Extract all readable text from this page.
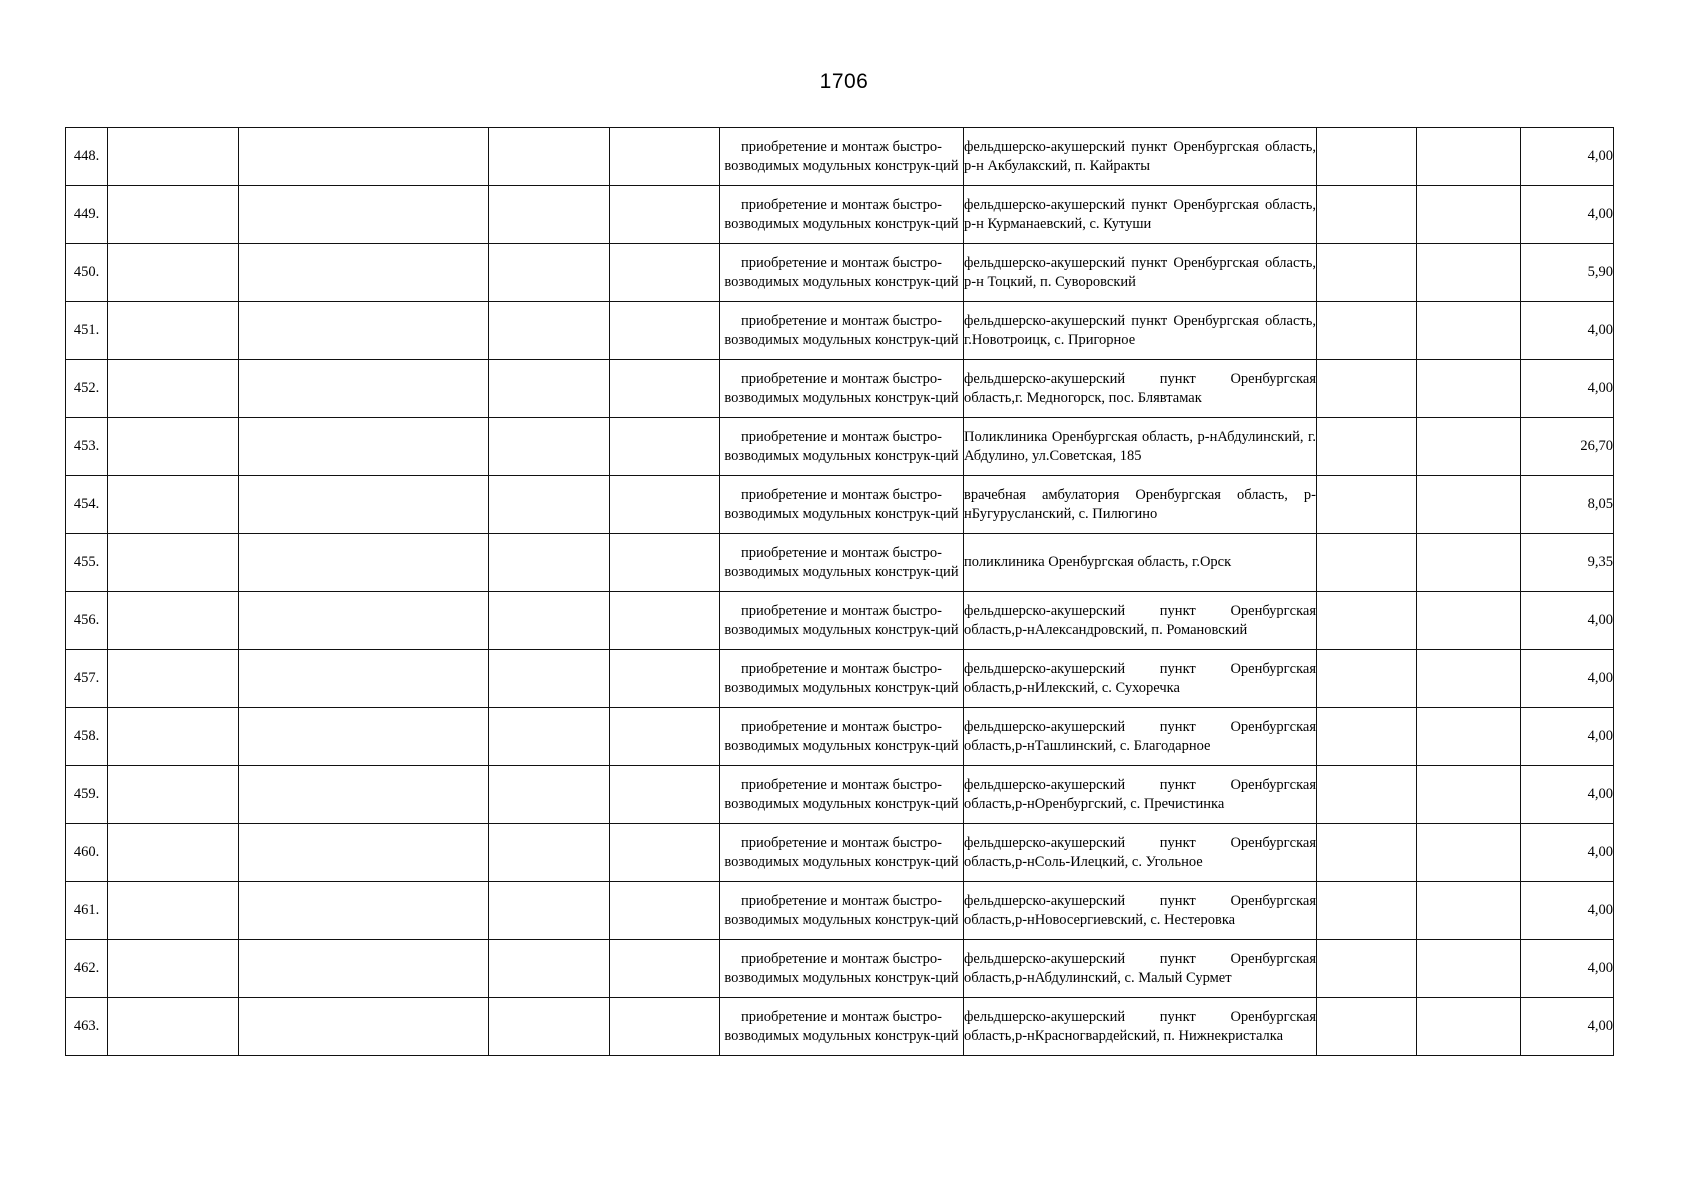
1706
448.					приобретение и монтаж быстро-возводимых модульных конструк-ций	фельдшерско-акушерский пункт Оренбургская область, р-н Акбулакский, п. Кайракты			4,00
449.					приобретение и монтаж быстро-возводимых модульных конструк-ций	фельдшерско-акушерский пункт Оренбургская область, р-н Курманаевский, с. Кутуши			4,00
450.					приобретение и монтаж быстро-возводимых модульных конструк-ций	фельдшерско-акушерский пункт Оренбургская область, р-н Тоцкий, п. Суворовский			5,90
451.					приобретение и монтаж быстро-возводимых модульных конструк-ций	фельдшерско-акушерский пункт Оренбургская область, г.Новотроицк, с. Пригорное			4,00
452.					приобретение и монтаж быстро-возводимых модульных конструк-ций	фельдшерско-акушерский пункт Оренбургская область,г. Медногорск, пос. Блявтамак			4,00
453.					приобретение и монтаж быстро-возводимых модульных конструк-ций	Поликлиника Оренбургская область, р-нАбдулинский, г. Абдулино, ул.Советская, 185			26,70
454.					приобретение и монтаж быстро-возводимых модульных конструк-ций	врачебная амбулатория Оренбургская область, р-нБугурусланский, с. Пилюгино			8,05
455.					приобретение и монтаж быстро-возводимых модульных конструк-ций	поликлиника Оренбургская область, г.Орск			9,35
456.					приобретение и монтаж быстро-возводимых модульных конструк-ций	фельдшерско-акушерский пункт Оренбургская область,р-нАлександровский, п. Романовский			4,00
457.					приобретение и монтаж быстро-возводимых модульных конструк-ций	фельдшерско-акушерский пункт Оренбургская область,р-нИлекский, с. Сухоречка			4,00
458.					приобретение и монтаж быстро-возводимых модульных конструк-ций	фельдшерско-акушерский пункт Оренбургская область,р-нТашлинский, с. Благодарное			4,00
459.					приобретение и монтаж быстро-возводимых модульных конструк-ций	фельдшерско-акушерский пункт Оренбургская область,р-нОренбургский, с. Пречистинка			4,00
460.					приобретение и монтаж быстро-возводимых модульных конструк-ций	фельдшерско-акушерский пункт Оренбургская область,р-нСоль-Илецкий, с. Угольное			4,00
461.					приобретение и монтаж быстро-возводимых модульных конструк-ций	фельдшерско-акушерский пункт Оренбургская область,р-нНовосергиевский, с. Нестеровка			4,00
462.					приобретение и монтаж быстро-возводимых модульных конструк-ций	фельдшерско-акушерский пункт Оренбургская область,р-нАбдулинский, с. Малый Сурмет			4,00
463.					приобретение и монтаж быстро-возводимых модульных конструк-ций	фельдшерско-акушерский пункт Оренбургская область,р-нКрасногвардейский, п. Нижнекристалка			4,00
